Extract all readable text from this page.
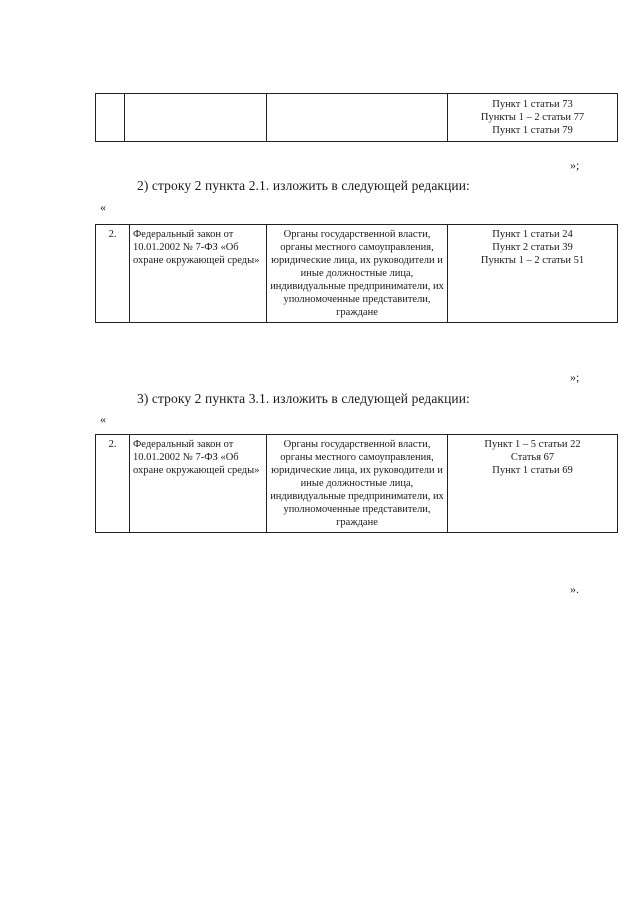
			Пункт 1 статьи 73
Пункты 1 – 2 статьи 77
Пункт 1 статьи 79
»;
2) строку 2 пункта 2.1. изложить в следующей редакции:
«
2.	Федеральный закон от 10.01.2002 № 7-ФЗ «Об охране окружающей среды»	Органы государственной власти, органы местного самоуправления, юридические лица, их руководители и иные должностные лица, индивидуальные предприниматели, их уполномоченные представители, граждане	Пункт 1 статьи 24
Пункт 2 статьи 39
Пункты 1 – 2 статьи 51
»;
3) строку 2 пункта 3.1. изложить в следующей редакции:
«
2.	Федеральный закон от 10.01.2002 № 7-ФЗ «Об охране окружающей среды»	Органы государственной власти, органы местного самоуправления, юридические лица, их руководители и иные должностные лица, индивидуальные предприниматели, их уполномоченные представители, граждане	Пункт 1 – 5 статьи 22
Статья 67
Пункт 1 статьи 69
».
